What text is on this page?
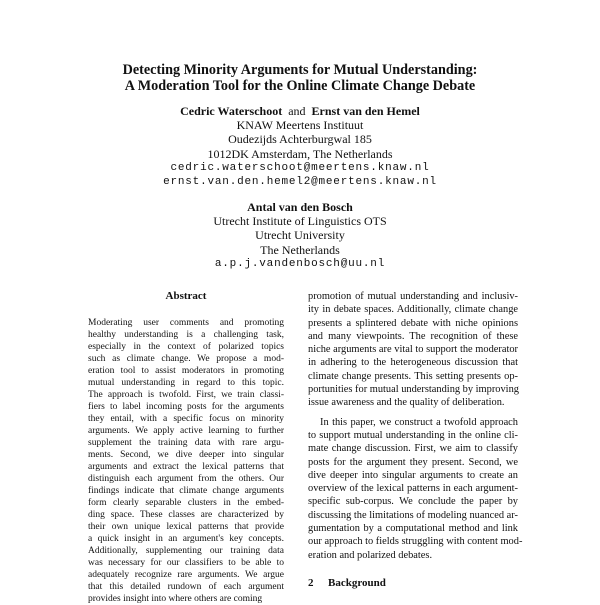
Detecting Minority Arguments for Mutual Understanding:
A Moderation Tool for the Online Climate Change Debate
Cedric Waterschoot and Ernst van den Hemel
KNAW Meertens Instituut
Oudezijds Achterburgwal 185
1012DK Amsterdam, The Netherlands
cedric.waterschoot@meertens.knaw.nl
ernst.van.den.hemel2@meertens.knaw.nl
Antal van den Bosch
Utrecht Institute of Linguistics OTS
Utrecht University
The Netherlands
a.p.j.vandenbosch@uu.nl
Abstract
Moderating user comments and promoting
healthy understanding is a challenging task,
especially in the context of polarized topics
such as climate change. We propose a mod-
eration tool to assist moderators in promoting
mutual understanding in regard to this topic.
The approach is twofold. First, we train classi-
fiers to label incoming posts for the arguments
they entail, with a specific focus on minority
arguments. We apply active learning to further
supplement the training data with rare argu-
ments. Second, we dive deeper into singular
arguments and extract the lexical patterns that
distinguish each argument from the others. Our
findings indicate that climate change arguments
form clearly separable clusters in the embed-
ding space. These classes are characterized by
their own unique lexical patterns that provide
a quick insight in an argument's key concepts.
Additionally, supplementing our training data
was necessary for our classifiers to be able to
adequately recognize rare arguments. We argue
that this detailed rundown of each argument
provides insight into where others are coming
promotion of mutual understanding and inclusiv-
ity in debate spaces. Additionally, climate change
presents a splintered debate with niche opinions
and many viewpoints. The recognition of these
niche arguments are vital to support the moderator
in adhering to the heterogeneous discussion that
climate change presents. This setting presents op-
portunities for mutual understanding by improving
issue awareness and the quality of deliberation.
In this paper, we construct a twofold approach
to support mutual understanding in the online cli-
mate change discussion. First, we aim to classify
posts for the argument they present. Second, we
dive deeper into singular arguments to create an
overview of the lexical patterns in each argument-
specific sub-corpus. We conclude the paper by
discussing the limitations of modeling nuanced ar-
gumentation by a computational method and link
our approach to fields struggling with content mod-
eration and polarized debates.
2 Background
